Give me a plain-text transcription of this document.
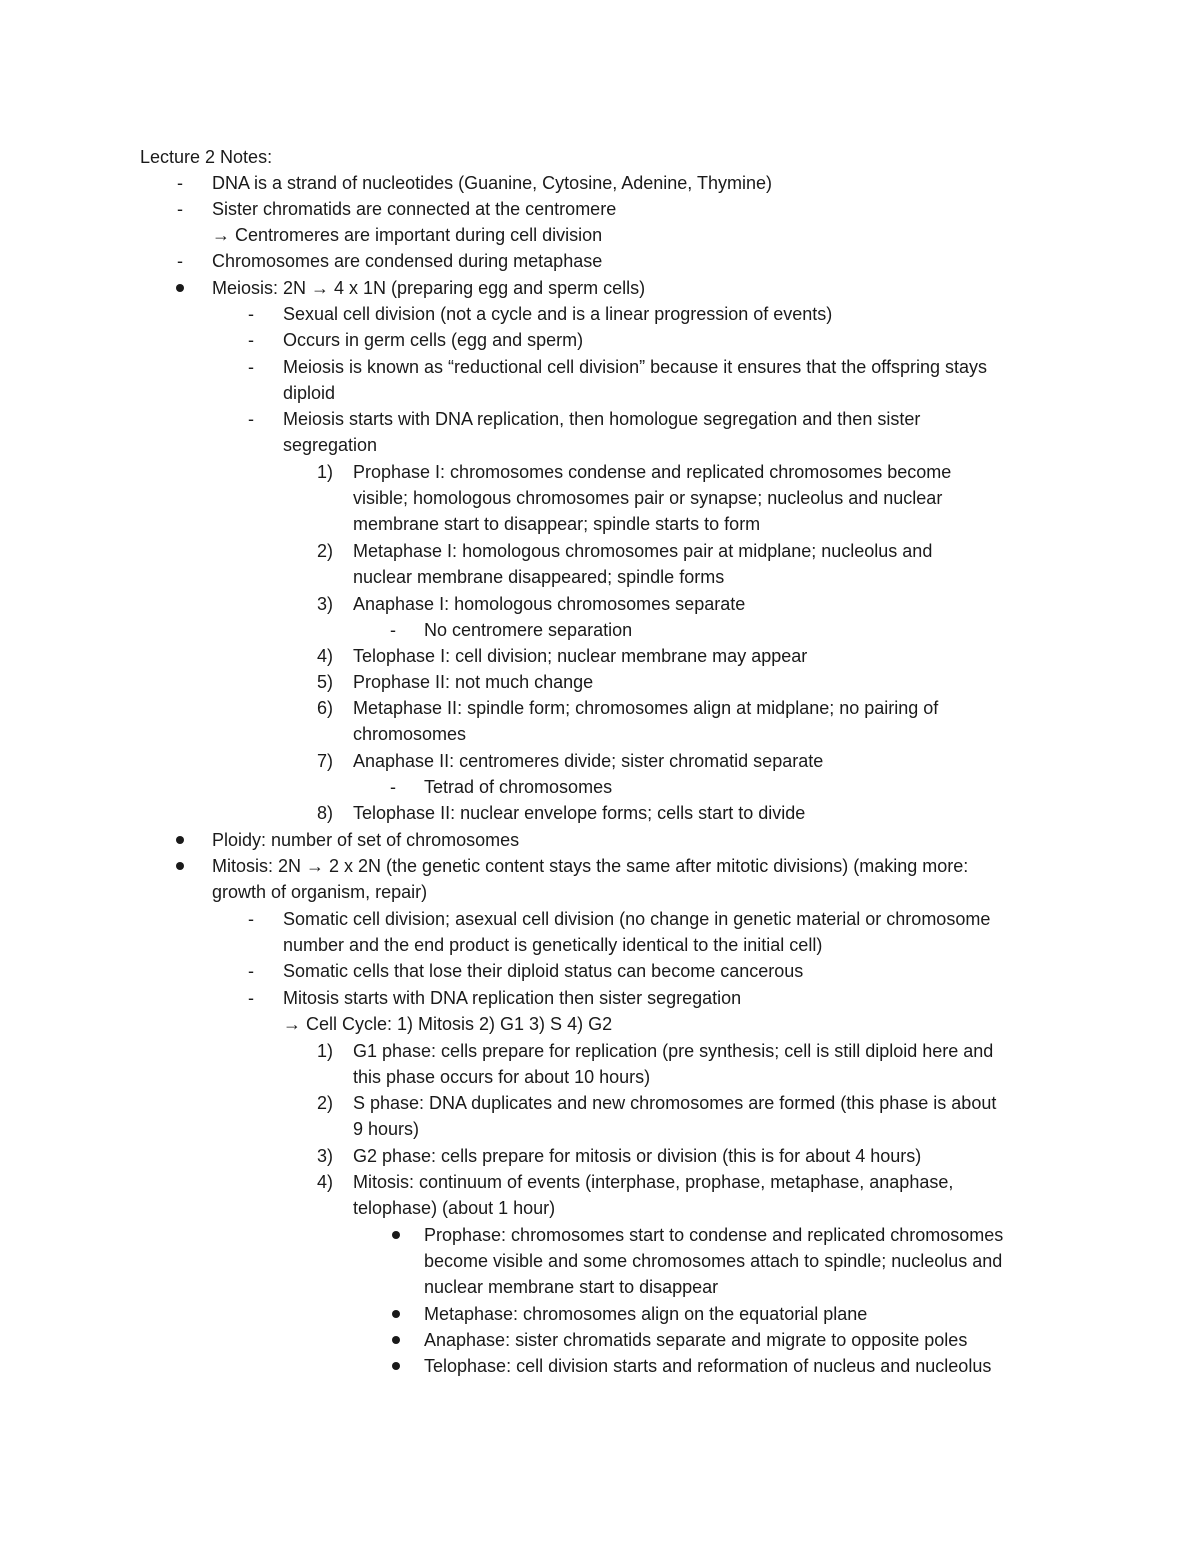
Lecture 2 Notes:
- DNA is a strand of nucleotides (Guanine, Cytosine, Adenine, Thymine)
- Sister chromatids are connected at the centromere
→ Centromeres are important during cell division
- Chromosomes are condensed during metaphase
Meiosis: 2N → 4 x 1N (preparing egg and sperm cells)
- Sexual cell division (not a cycle and is a linear progression of events)
- Occurs in germ cells (egg and sperm)
- Meiosis is known as “reductional cell division” because it ensures that the offspring stays
diploid
- Meiosis starts with DNA replication, then homologue segregation and then sister
segregation
1) Prophase I: chromosomes condense and replicated chromosomes become
visible; homologous chromosomes pair or synapse; nucleolus and nuclear
membrane start to disappear; spindle starts to form
2) Metaphase I: homologous chromosomes pair at midplane; nucleolus and
nuclear membrane disappeared; spindle forms
3) Anaphase I: homologous chromosomes separate
- No centromere separation
4) Telophase I: cell division; nuclear membrane may appear
5) Prophase II: not much change
6) Metaphase II: spindle form; chromosomes align at midplane; no pairing of
chromosomes
7) Anaphase II: centromeres divide; sister chromatid separate
- Tetrad of chromosomes
8) Telophase II: nuclear envelope forms; cells start to divide
Ploidy: number of set of chromosomes
Mitosis: 2N → 2 x 2N (the genetic content stays the same after mitotic divisions) (making more:
growth of organism, repair)
- Somatic cell division; asexual cell division (no change in genetic material or chromosome
number and the end product is genetically identical to the initial cell)
- Somatic cells that lose their diploid status can become cancerous
- Mitosis starts with DNA replication then sister segregation
→ Cell Cycle: 1) Mitosis 2) G1 3) S 4) G2
1) G1 phase: cells prepare for replication (pre synthesis; cell is still diploid here and
this phase occurs for about 10 hours)
2) S phase: DNA duplicates and new chromosomes are formed (this phase is about
9 hours)
3) G2 phase: cells prepare for mitosis or division (this is for about 4 hours)
4) Mitosis: continuum of events (interphase, prophase, metaphase, anaphase,
telophase) (about 1 hour)
Prophase: chromosomes start to condense and replicated chromosomes
become visible and some chromosomes attach to spindle; nucleolus and
nuclear membrane start to disappear
Metaphase: chromosomes align on the equatorial plane
Anaphase: sister chromatids separate and migrate to opposite poles
Telophase: cell division starts and reformation of nucleus and nucleolus
